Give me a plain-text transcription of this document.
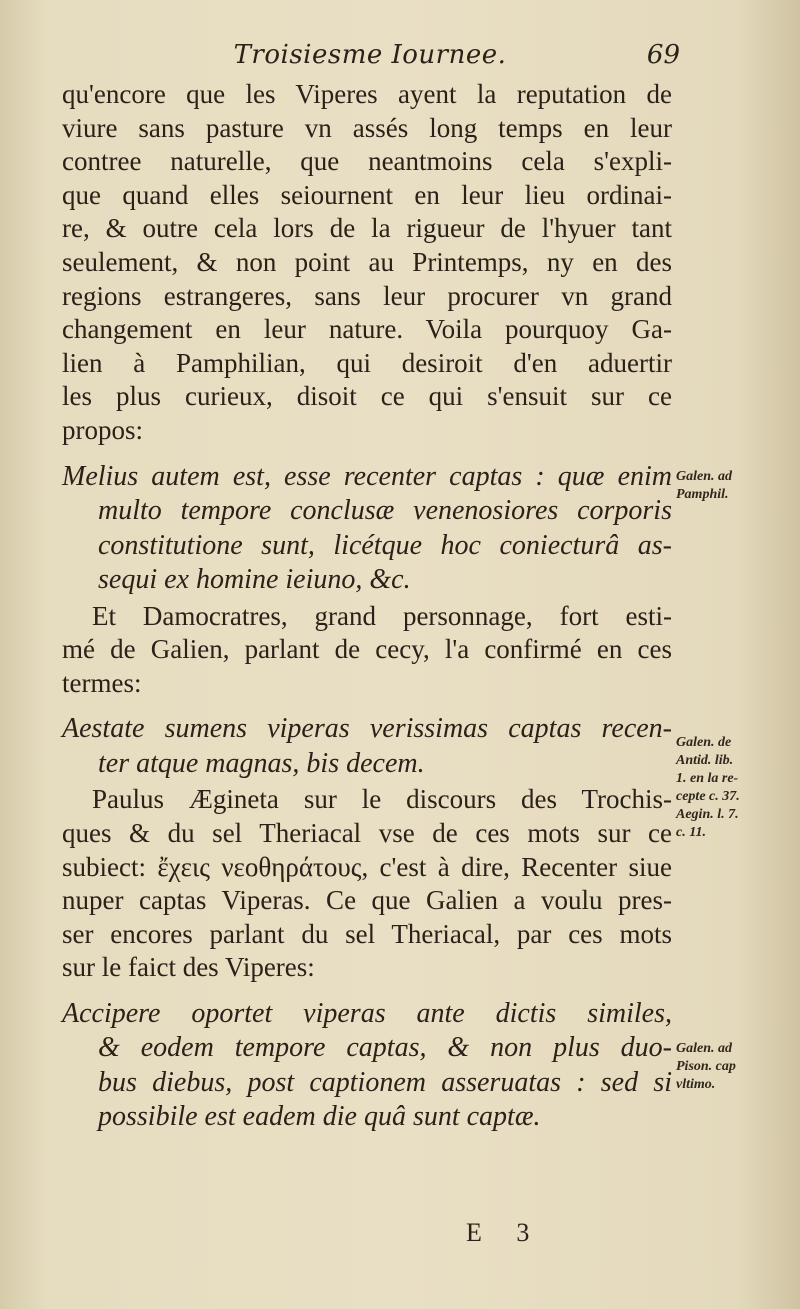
Troisiesme Iournee.	69
qu'encore que les Viperes ayent la reputation de
viure sans pasture vn assés long temps en leur
contree naturelle, que neantmoins cela s'expli-
que quand elles seiournent en leur lieu ordinai-
re, & outre cela lors de la rigueur de l'hyuer tant
seulement, & non point au Printemps, ny en des
regions estrangeres, sans leur procurer vn grand
changement en leur nature. Voila pourquoy Ga-
lien à Pamphilian, qui desiroit d'en aduertir
les plus curieux, disoit ce qui s'ensuit sur ce
propos:
Melius autem est, esse recenter captas : quæ enim
multo tempore conclusæ venenosiores corporis
constitutione sunt, licétque hoc coniecturâ as-
sequi ex homine ieiuno, &c.
Et Damocratres, grand personnage, fort esti-
mé de Galien, parlant de cecy, l'a confirmé en ces
termes:
Aestate sumens viperas verissimas captas recen-
ter atque magnas, bis decem.
Paulus Ægineta sur le discours des Trochis-
ques & du sel Theriacal vse de ces mots sur ce
subiect: ἔχεις νεοθηράτους, c'est à dire, Recenter siue
nuper captas Viperas. Ce que Galien a voulu pres-
ser encores parlant du sel Theriacal, par ces mots
sur le faict des Viperes:
Accipere oportet viperas ante dictis similes,
& eodem tempore captas, & non plus duo-
bus diebus, post captionem asseruatas : sed si
possibile est eadem die quâ sunt captæ.
Galen. ad
Pamphil.
Galen. de
Antid. lib.
1. en la re-
cepte c. 37.
Aegin. l. 7.
c. 11.
Galen. ad
Pison. cap
vltimo.
E 3
